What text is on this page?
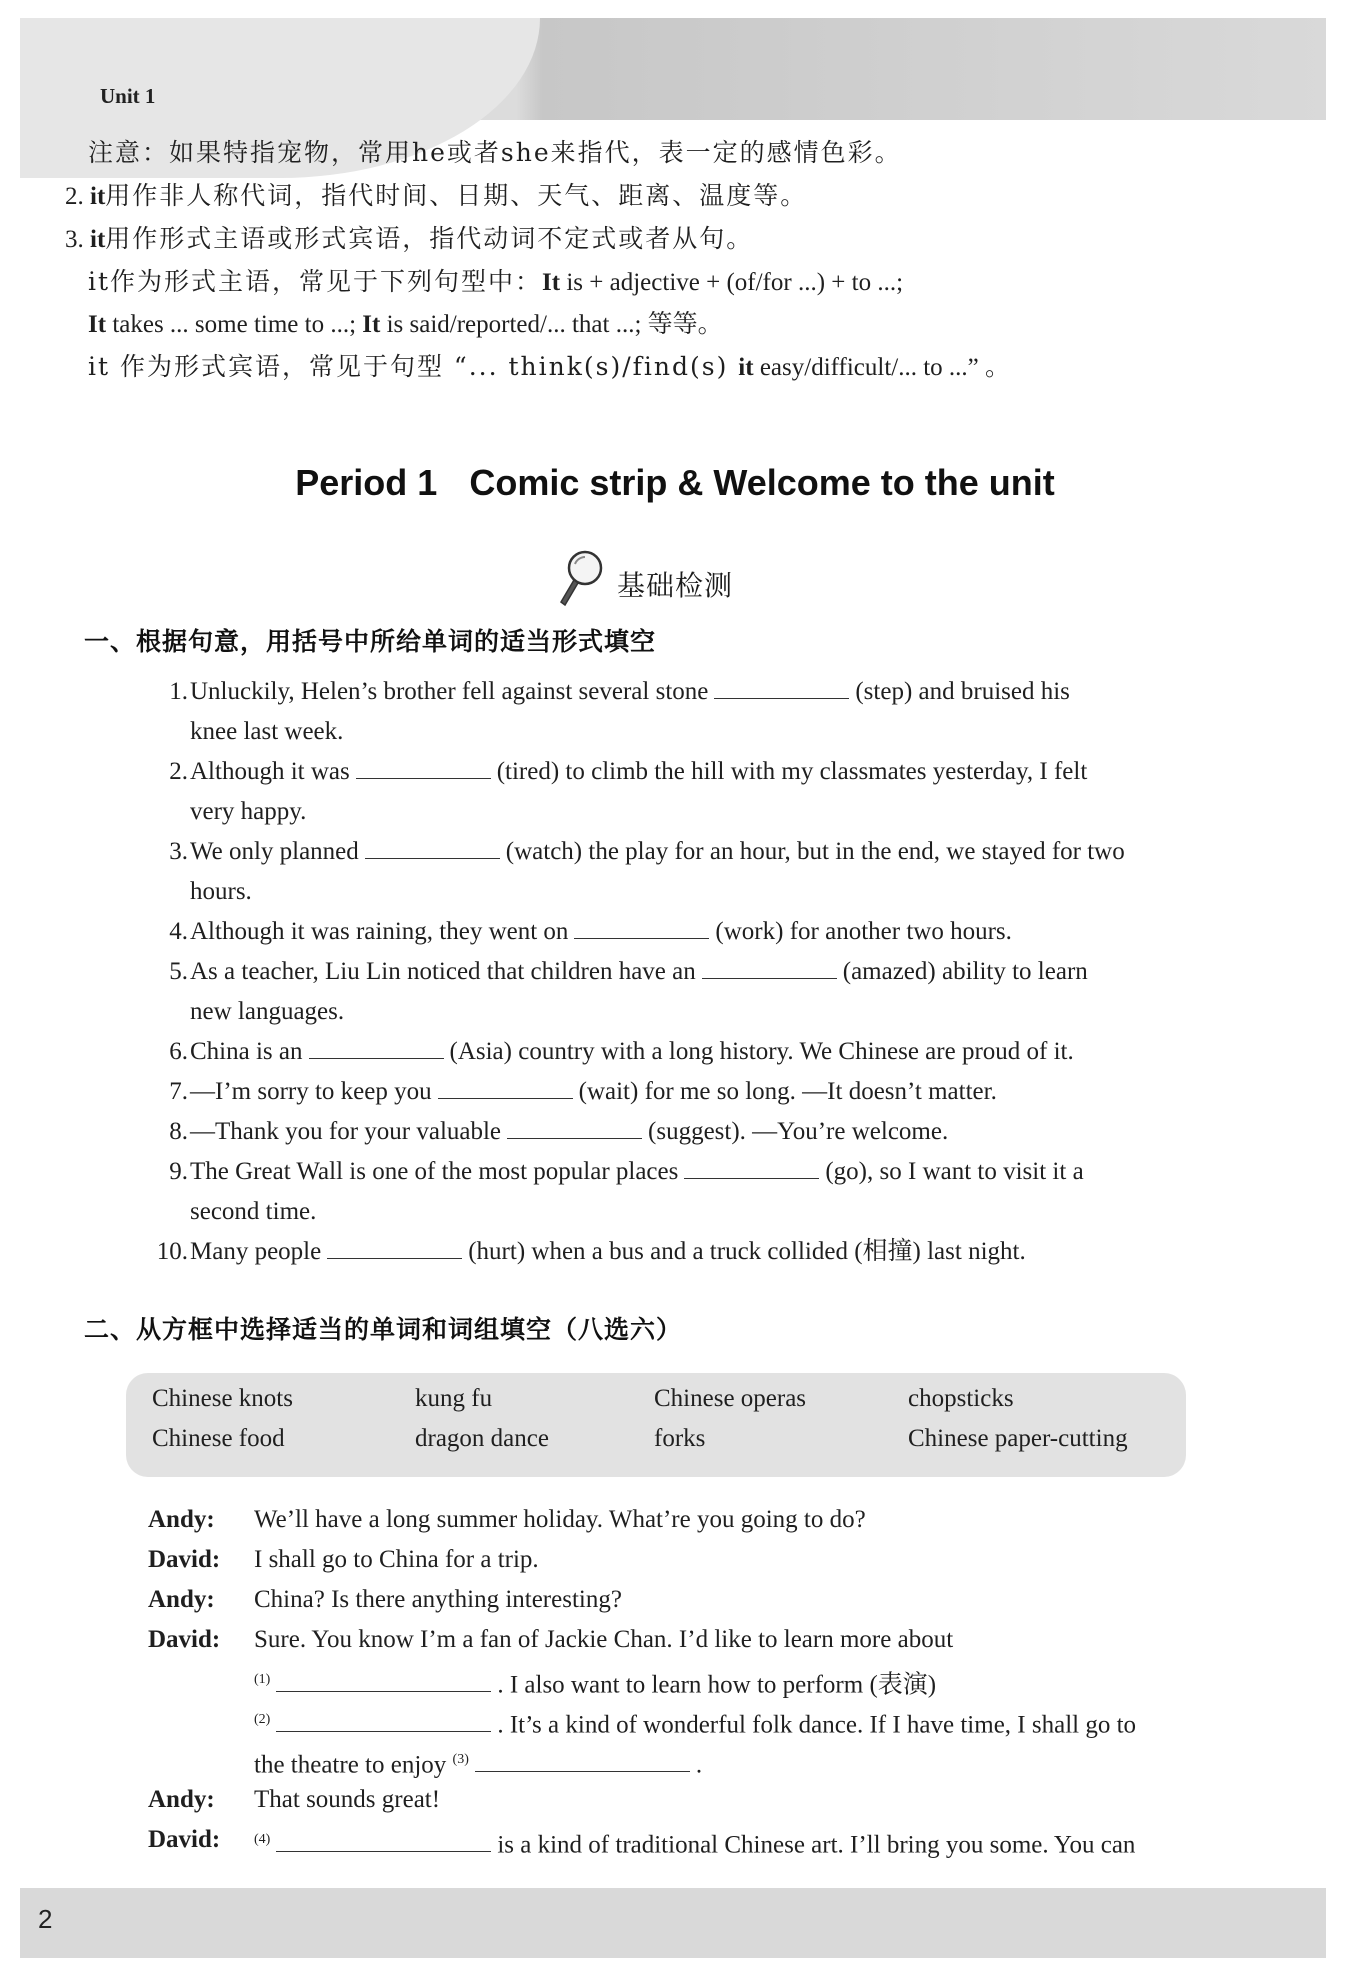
Unit 1
2
注意：如果特指宠物，常用he或者she来指代，表一定的感情色彩。
2. it用作非人称代词，指代时间、日期、天气、距离、温度等。
3. it用作形式主语或形式宾语，指代动词不定式或者从句。
it作为形式主语，常见于下列句型中：It is + adjective + (of/for ...) + to ...;
It takes ... some time to ...; It is said/reported/... that ...; 等等。
it 作为形式宾语，常见于句型 “... think(s)/find(s) it easy/difficult/... to ...” 。
Period 1 Comic strip & Welcome to the unit
基础检测
一、根据句意，用括号中所给单词的适当形式填空
1. Unluckily, Helen’s brother fell against several stone	(step) and bruised his
knee last week.
2. Although it was	(tired) to climb the hill with my classmates yesterday, I felt
very happy.
3. We only planned	(watch) the play for an hour, but in the end, we stayed for two
hours.
4. Although it was raining, they went on	(work) for another two hours.
5. As a teacher, Liu Lin noticed that children have an	(amazed) ability to learn
new languages.
6. China is an	(Asia) country with a long history. We Chinese are proud of it.
7. —I’m sorry to keep you	(wait) for me so long. —It doesn’t matter.
8. —Thank you for your valuable	(suggest). —You’re welcome.
9. The Great Wall is one of the most popular places	(go), so I want to visit it a
second time.
10. Many people	(hurt) when a bus and a truck collided (相撞) last night.
二、从方框中选择适当的单词和词组填空（八选六）
Chinese knots	kung fu	Chinese operas	chopsticks
Chinese food	dragon dance	forks	Chinese paper-cutting
Andy: We’ll have a long summer holiday. What’re you going to do?
David: I shall go to China for a trip.
Andy: China? Is there anything interesting?
David: Sure. You know I’m a fan of Jackie Chan. I’d like to learn more about
$^{(1)}$	. I also want to learn how to perform (表演)
$^{(2)}$	. It’s a kind of wonderful folk dance. If I have time, I shall go to
the theatre to enjoy $^{(3)}$	.
Andy: That sounds great!
David: $^{(4)}$	is a kind of traditional Chinese art. I’ll bring you some. You can
